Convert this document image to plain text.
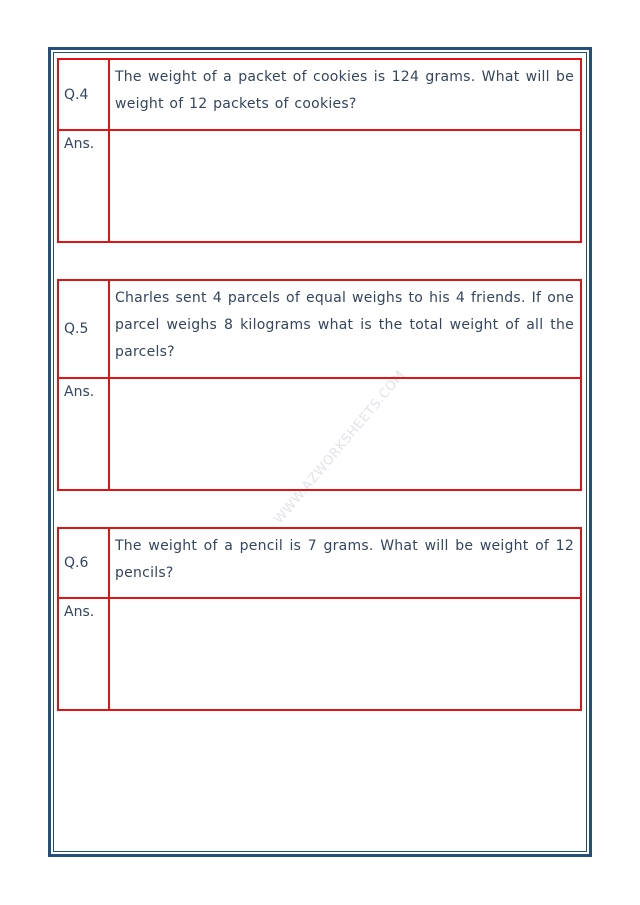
WWW.AZWORKSHEETS.COM
Q.4
The weight of a packet of cookies is 124 grams. What will be weight of 12 packets of cookies?
Ans.
Q.5
Charles sent 4 parcels of equal weighs to his 4 friends. If one parcel weighs 8 kilograms what is the total weight of all the parcels?
Ans.
Q.6
The weight of a pencil is 7 grams. What will be weight of 12 pencils?
Ans.
